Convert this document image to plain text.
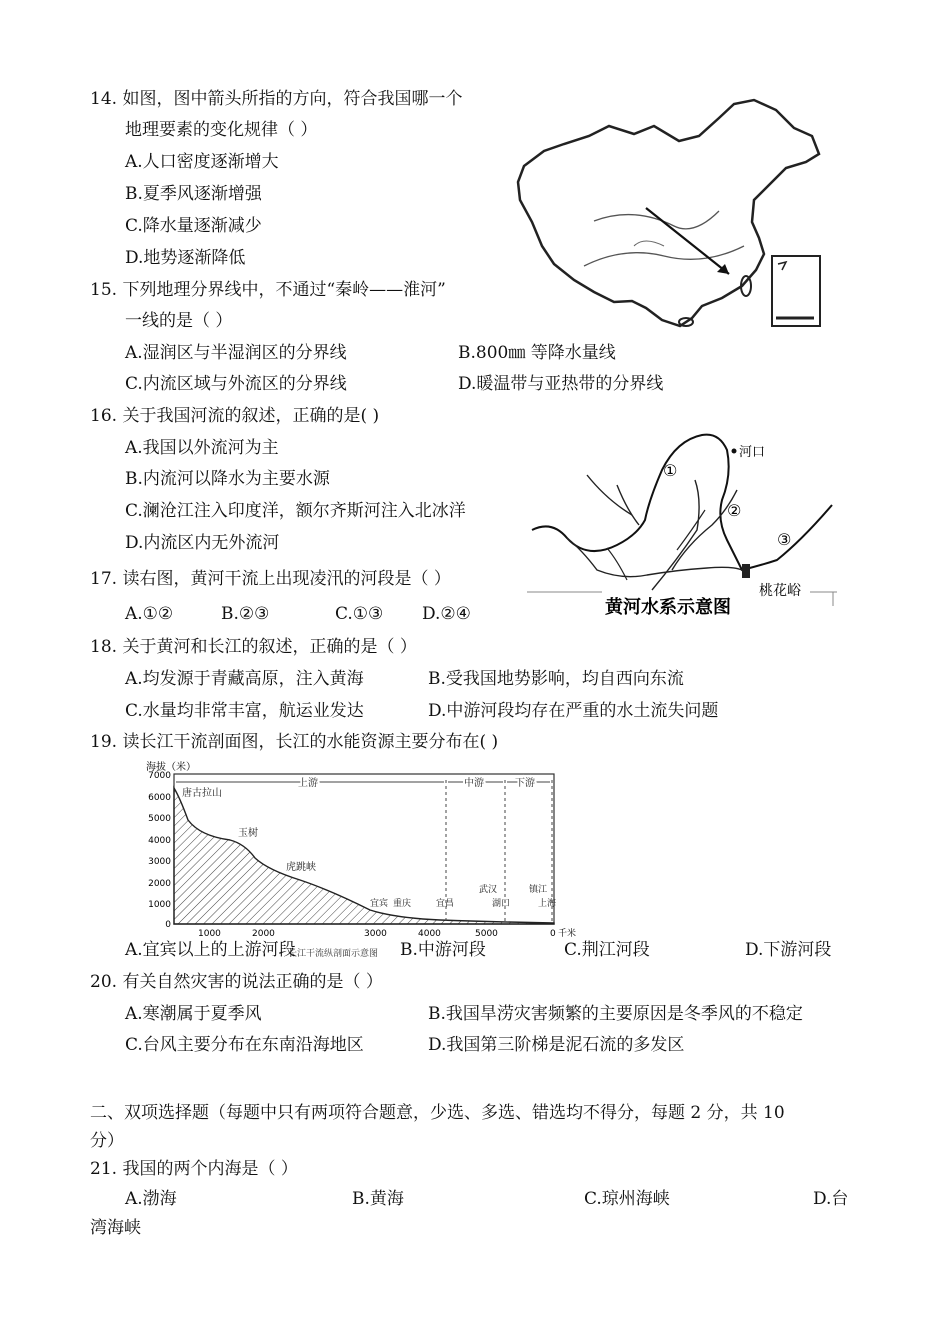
14. 如图，图中箭头所指的方向，符合我国哪一个
地理要素的变化规律（ ）
A.人口密度逐渐增大
B.夏季风逐渐增强
C.降水量逐渐减少
D.地势逐渐降低
15. 下列地理分界线中，不通过“秦岭——淮河”
一线的是（ ）
A.湿润区与半湿润区的分界线	B.800㎜ 等降水量线
C.内流区域与外流区的分界线	D.暖温带与亚热带的分界线
16. 关于我国河流的叙述，正确的是( )
A.我国以外流河为主
B.内流河以降水为主要水源
C.澜沧江注入印度洋，额尔齐斯河注入北冰洋
D.内流区内无外流河
河口
①
②
③
桃花峪
黄河水系示意图
17. 读右图，黄河干流上出现凌汛的河段是（ ）
A.①②	B.②③	C.①③ D.②④
18. 关于黄河和长江的叙述，正确的是（ ）
A.均发源于青藏高原，注入黄海	B.受我国地势影响，均自西向东流
C.水量均非常丰富，航运业发达	D.中游河段均存在严重的水土流失问题
19. 读长江干流剖面图，长江的水能资源主要分布在( )
海拔（米）
7000
6000
5000
4000
3000
2000
1000
0
上游	中游	下游
唐古拉山
玉树
虎跳峡
宜宾 重庆	宜昌
武汉
湖口
镇江
上海
1000	2000	3000	4000	5000	0 千米
长江干流纵剖面示意图
A.宜宾以上的上游河段	B.中游河段	C.荆江河段	D.下游河段
20. 有关自然灾害的说法正确的是（ ）
A.寒潮属于夏季风	B.我国旱涝灾害频繁的主要原因是冬季风的不稳定
C.台风主要分布在东南沿海地区	D.我国第三阶梯是泥石流的多发区
二、双项选择题（每题中只有两项符合题意，少选、多选、错选均不得分，每题 2 分，共 10
分）
21. 我国的两个内海是（ ）
A.渤海	B.黄海	C.琼州海峡	D.台
湾海峡
